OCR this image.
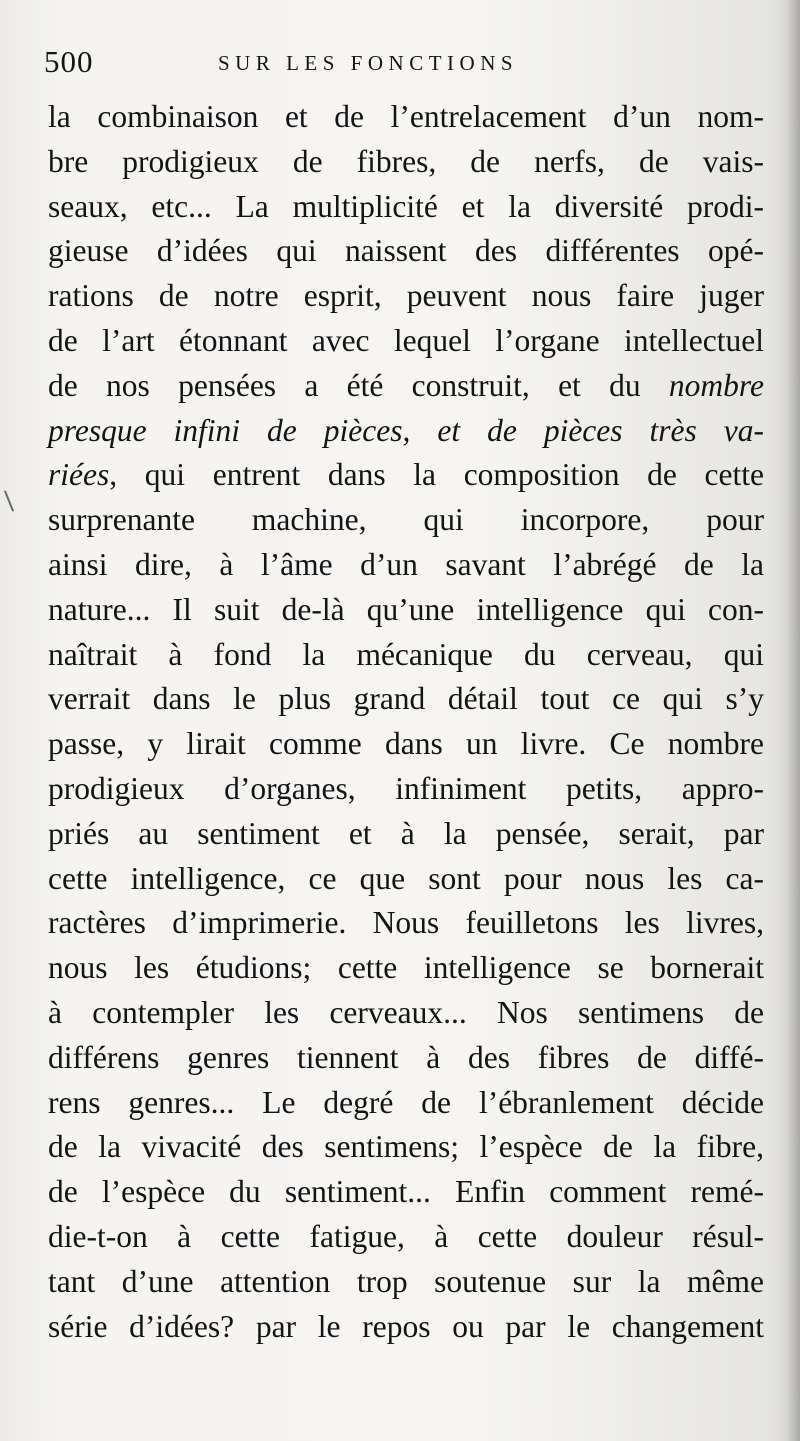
500	SUR LES FONCTIONS
la combinaison et de l’entrelacement d’un nom-
bre prodigieux de fibres, de nerfs, de vais-
seaux, etc... La multiplicité et la diversité prodi-
gieuse d’idées qui naissent des différentes opé-
rations de notre esprit, peuvent nous faire juger
de l’art étonnant avec lequel l’organe intellectuel
de nos pensées a été construit, et du nombre
presque infini de pièces, et de pièces très va-
riées, qui entrent dans la composition de cette
surprenante machine, qui incorpore, pour
ainsi dire, à l’âme d’un savant l’abrégé de la
nature... Il suit de-là qu’une intelligence qui con-
naîtrait à fond la mécanique du cerveau, qui
verrait dans le plus grand détail tout ce qui s’y
passe, y lirait comme dans un livre. Ce nombre
prodigieux d’organes, infiniment petits, appro-
priés au sentiment et à la pensée, serait, par
cette intelligence, ce que sont pour nous les ca-
ractères d’imprimerie. Nous feuilletons les livres,
nous les étudions; cette intelligence se bornerait
à contempler les cerveaux... Nos sentimens de
différens genres tiennent à des fibres de diffé-
rens genres... Le degré de l’ébranlement décide
de la vivacité des sentimens; l’espèce de la fibre,
de l’espèce du sentiment... Enfin comment remé-
die-t-on à cette fatigue, à cette douleur résul-
tant d’une attention trop soutenue sur la même
série d’idées? par le repos ou par le changement
